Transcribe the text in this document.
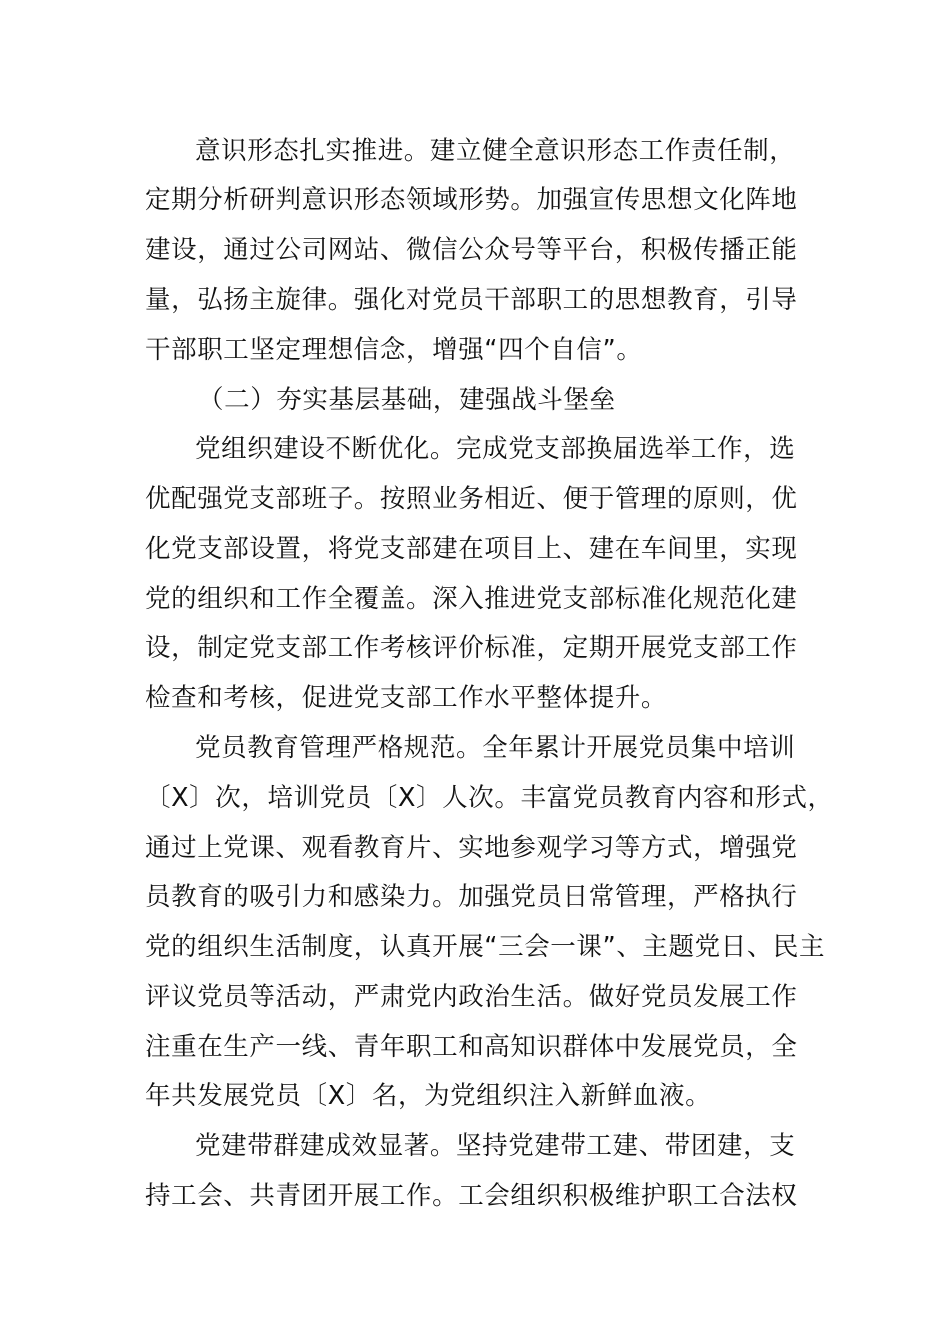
意识形态扎实推进。建立健全意识形态工作责任制，
定期分析研判意识形态领域形势。加强宣传思想文化阵地
建设，通过公司网站、微信公众号等平台，积极传播正能
量，弘扬主旋律。强化对党员干部职工的思想教育，引导
干部职工坚定理想信念，增强“四个自信”。
（二）夯实基层基础，建强战斗堡垒
党组织建设不断优化。完成党支部换届选举工作，选
优配强党支部班子。按照业务相近、便于管理的原则，优
化党支部设置，将党支部建在项目上、建在车间里，实现
党的组织和工作全覆盖。深入推进党支部标准化规范化建
设，制定党支部工作考核评价标准，定期开展党支部工作
检查和考核，促进党支部工作水平整体提升。
党员教育管理严格规范。全年累计开展党员集中培训
〔X〕次，培训党员〔X〕人次。丰富党员教育内容和形式，
通过上党课、观看教育片、实地参观学习等方式，增强党
员教育的吸引力和感染力。加强党员日常管理，严格执行
党的组织生活制度，认真开展“三会一课”、主题党日、民主
评议党员等活动，严肃党内政治生活。做好党员发展工作
注重在生产一线、青年职工和高知识群体中发展党员，全
年共发展党员〔X〕名，为党组织注入新鲜血液。
党建带群建成效显著。坚持党建带工建、带团建，支
持工会、共青团开展工作。工会组织积极维护职工合法权
